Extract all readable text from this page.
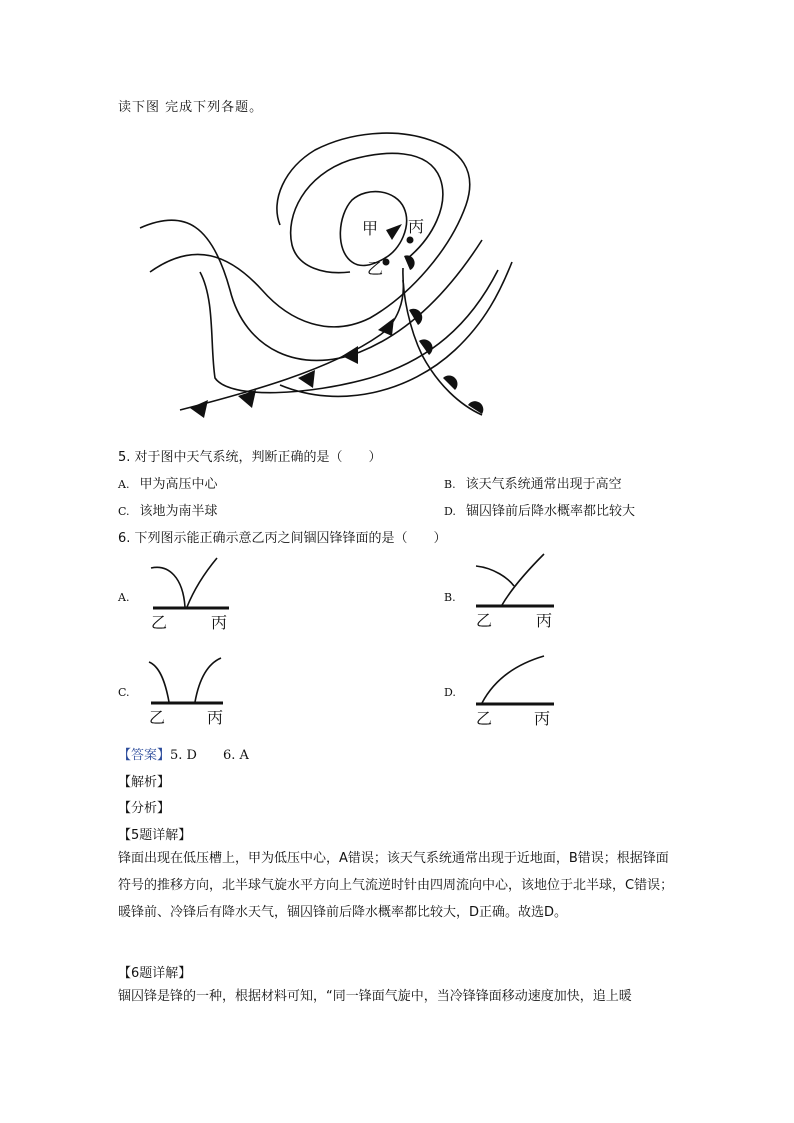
读下图 完成下列各题。
甲 丙
乙
5. 对于图中天气系统，判断正确的是（　　）
A. 甲为高压中心	B. 该天气系统通常出现于高空
C. 该地为南半球	D. 锢囚锋前后降水概率都比较大
6. 下列图示能正确示意乙丙之间锢囚锋锋面的是（　　）
A.
乙	丙
B.
乙	丙
C.
乙	丙
D.
乙	丙
【答案】5. D 6. A
【解析】
【分析】
【5题详解】
锋面出现在低压槽上，甲为低压中心，A错误；该天气系统通常出现于近地面，B错误；根据锋面符号的推移方向，北半球气旋水平方向上气流逆时针由四周流向中心，该地位于北半球，C错误；暖锋前、冷锋后有降水天气，锢囚锋前后降水概率都比较大，D正确。故选D。
【6题详解】
锢囚锋是锋的一种，根据材料可知，“同一锋面气旋中，当冷锋锋面移动速度加快，追上暖
